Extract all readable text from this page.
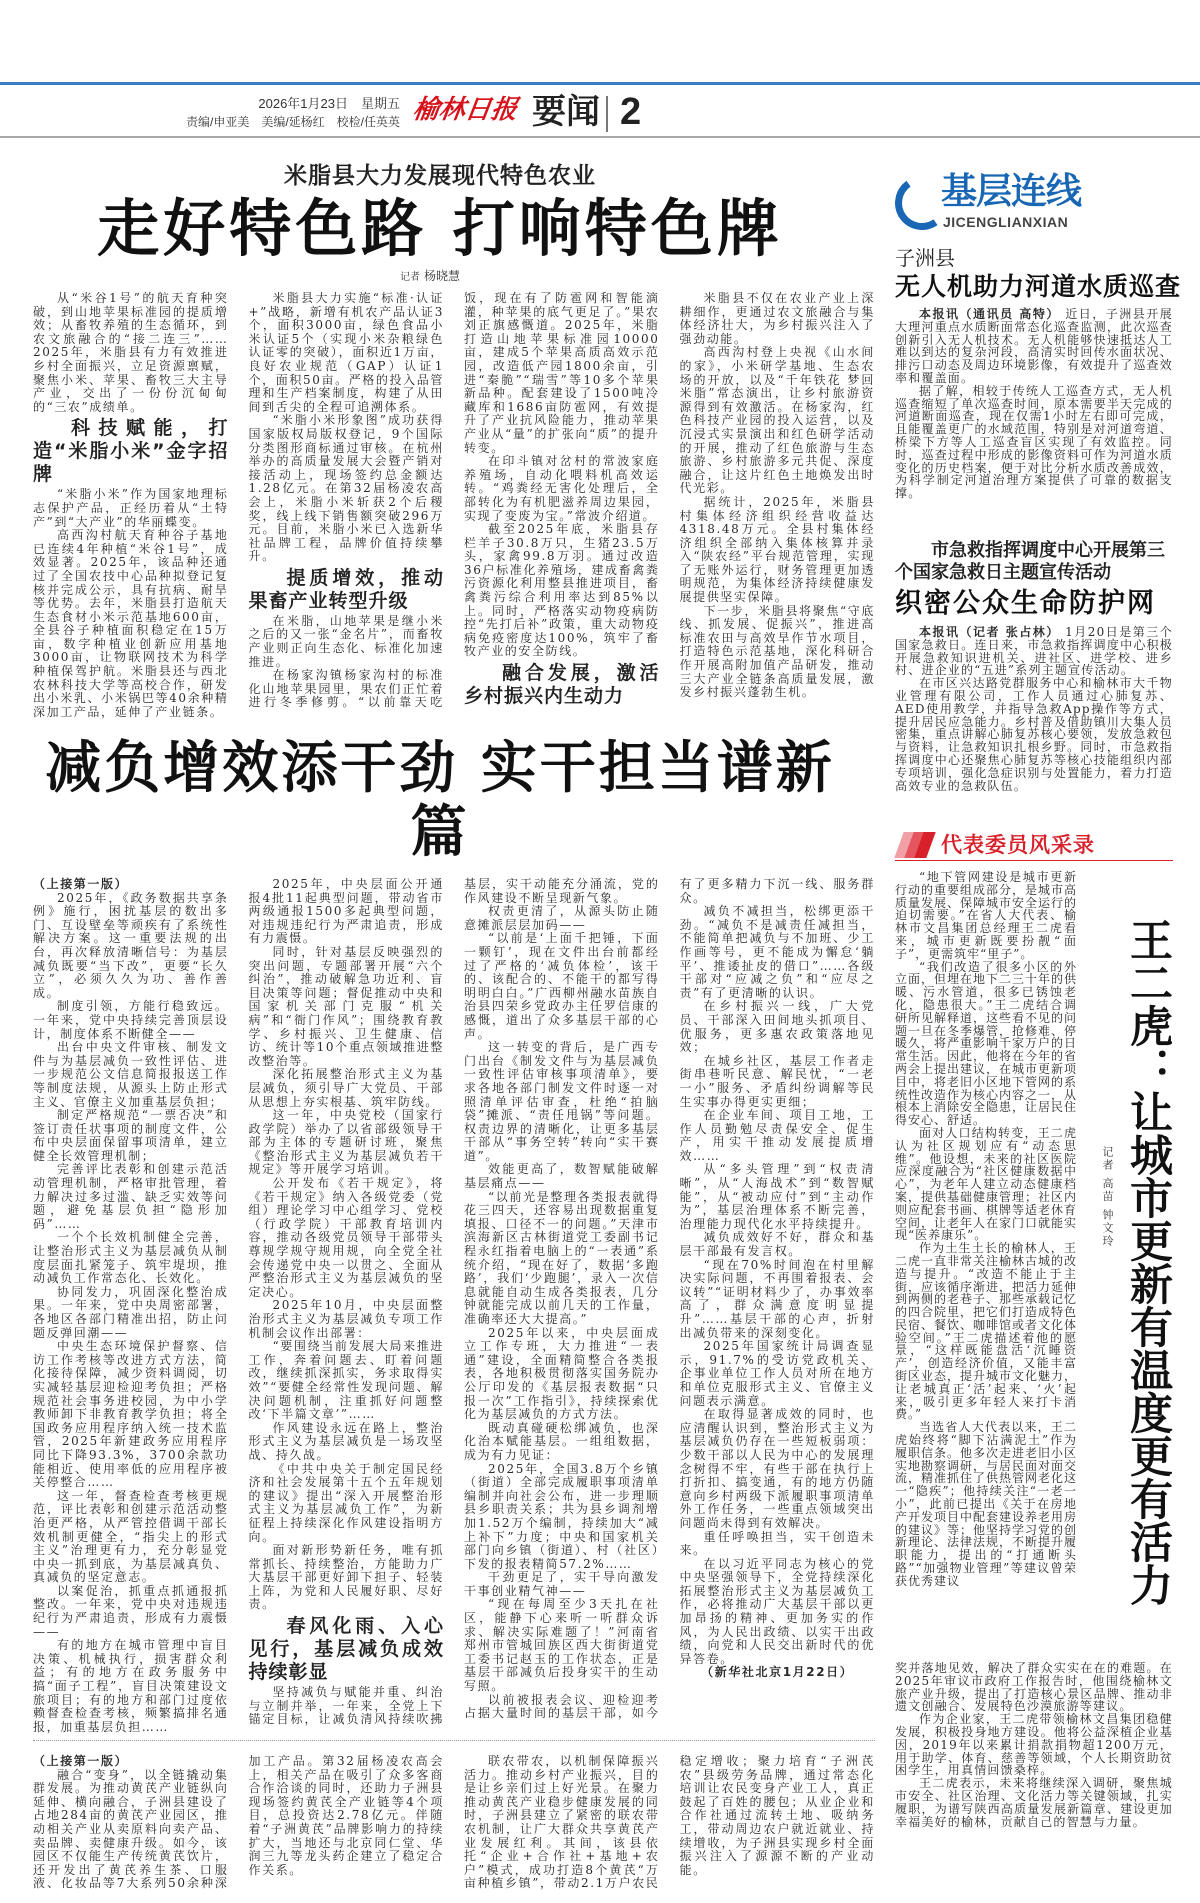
2026年1月23日　星期五
责编/申亚美　美编/延杨红　校检/任英英 榆林日报 要闻 2
米脂县大力发展现代特色农业
走好特色路 打响特色牌
记者 杨晓慧

从“米谷1号”的航天育种突破，到山地苹果标准园的提质增效；从畜牧养殖的生态循环，到农文旅融合的“接二连三”……2025年，米脂县有力有效推进乡村全面振兴，立足资源禀赋，聚焦小米、苹果、畜牧三大主导产业，交出了一份份沉甸甸的“三农”成绩单。

科技赋能，打造“米脂小米”金字招牌

“米脂小米”作为国家地理标志保护产品，正经历着从“土特产”到“大产业”的华丽蝶变。

高西沟村航天育种谷子基地已连续4年种植“米谷1号”，成效显著。2025年，该品种还通过了全国农技中心品种拟登记复核并完成公示，具有抗病、耐旱等优势。去年，米脂县打造航天生态食材小米示范基地600亩，全县谷子种植面积稳定在15万亩，数字种植业创新应用基地3000亩，让物联网技术为科学种植保驾护航。米脂县还与西北农林科技大学等高校合作，研发出小米乳、小米锅巴等40余种精深加工产品，延伸了产业链条。

米脂县大力实施“标准·认证+”战略，新增有机农产品认证3个，面积3000亩，绿色食品小米认证5个（实现小米杂粮绿色认证零的突破），面积近1万亩，良好农业规范（GAP）认证1个，面积50亩。严格的投入品管理和生产档案制度，构建了从田间到舌尖的全程可追溯体系。

“米脂小米形象图”成功获得国家版权局版权登记，9个国际分类图形商标通过审核。在杭州举办的高质量发展大会暨产销对接活动上，现场签约总金额达1.28亿元。在第32届杨凌农高会上，米脂小米斩获2个后稷奖，线上线下销售额突破296万元。目前，米脂小米已入选新华社品牌工程，品牌价值持续攀升。

提质增效，推动果畜产业转型升级

在米脂，山地苹果是继小米之后的又一张“金名片”，而畜牧产业则正向生态化、标准化加速推进。

在杨家沟镇杨家沟村的标准化山地苹果园里，果农们正忙着进行冬季修剪。“以前靠天吃饭，现在有了防雹网和智能滴灌，种苹果的底气更足了。”果农刘正旗感慨道。2025年，米脂打造山地苹果标准园10000亩，建成5个苹果高质高效示范园，改造低产园1800余亩，引进“秦脆”“瑞雪”等10多个苹果新品种。配套建设了1500吨冷藏库和1686亩防雹网，有效提升了产业抗风险能力，推动苹果产业从“量”的扩张向“质”的提升转变。

在印斗镇对岔村的常波家庭养殖场，自动化喂料机高效运转。“鸡粪经无害化处理后，全部转化为有机肥滋养周边果园，实现了变废为宝。”常波介绍道。

截至2025年底，米脂县存栏羊子30.8万只，生猪23.5万头，家禽99.8万羽。通过改造36户标准化养殖场，建成畜禽粪污资源化利用整县推进项目，畜禽粪污综合利用率达到85%以上。同时，严格落实动物疫病防控“先打后补”政策，重大动物疫病免疫密度达100%，筑牢了畜牧产业的安全防线。

融合发展，激活乡村振兴内生动力

米脂县不仅在农业产业上深耕细作，更通过农文旅融合与集体经济壮大，为乡村振兴注入了强劲动能。

高西沟村登上央视《山水间的家》，小米研学基地、生态农场的开放，以及“千年铁花 梦回米脂”常态演出，让乡村旅游资源得到有效激活。在杨家沟，红色科技产业园的投入运营，以及沉浸式实景演出和红色研学活动的开展，推动了红色旅游与生态旅游、乡村旅游多元共促、深度融合，让这片红色土地焕发出时代光彩。

据统计，2025年，米脂县村集体经济组织经营收益达4318.48万元。全县村集体经济组织全部纳入集体核算并录入“陕农经”平台规范管理，实现了无账外运行，财务管理更加透明规范，为集体经济持续健康发展提供坚实保障。

下一步，米脂县将聚焦“守底线、抓发展、促振兴”，推进高标准农田与高效旱作节水项目，打造特色示范基地，深化科研合作开展高附加值产品研发，推动三大产业全链条高质量发展，激发乡村振兴蓬勃生机。

减负增效添干劲 实干担当谱新篇

（上接第一版）

2025年，《政务数据共享条例》施行，困扰基层的数出多门、互设壁垒等顽疾有了系统性解决方案。这一重要法规的出台，再次释放清晰信号：为基层减负既要“当下改”，更要“长久立”，必须久久为功、善作善成。

制度引领，方能行稳致远。一年来，党中央持续完善顶层设计，制度体系不断健全——

出台中央文件审核、制发文件与为基层减负一致性评估、进一步规范公文信息简报报送工作等制度法规，从源头上防止形式主义、官僚主义加重基层负担；

制定严格规范“一票否决”和签订责任状事项的制度文件，公布中央层面保留事项清单，建立健全长效管理机制；

完善评比表彰和创建示范活动管理机制，严格审批管理，着力解决过多过滥、缺乏实效等问题，避免基层负担“隐形加码”……

一个个长效机制健全完善，让整治形式主义为基层减负从制度层面扎紧笼子、筑牢堤坝，推动减负工作常态化、长效化。

协同发力，巩固深化整治成果。一年来，党中央周密部署，各地区各部门精准出招，防止问题反弹回潮——

中央生态环境保护督察、信访工作考核等改进方式方法，简化接待保障，减少资料调阅，切实减轻基层迎检迎考负担；严格规范社会事务进校园，为中小学教师卸下非教育教学负担；将全国政务应用程序纳入统一技术监管，2025年新建政务应用程序同比下降93.3%，3700余款功能相近、使用率低的应用程序被关停整合……

这一年，督查检查考核更规范，评比表彰和创建示范活动整治更严格，从严管控借调干部长效机制更健全，“指尖上的形式主义”治理更有力，充分彰显党中央一抓到底，为基层减真负、真减负的坚定意志。

以案促治，抓重点抓通报抓整改。一年来，党中央对违规违纪行为严肃追责，形成有力震慑——

有的地方在城市管理中盲目决策、机械执行，损害群众利益；有的地方在政务服务中搞“面子工程”，盲目决策建设文旅项目；有的地方和部门过度依赖督查检查考核，频繁搞排名通报，加重基层负担……

2025年，中央层面公开通报4批11起典型问题，带动省市两级通报1500多起典型问题，对违规违纪行为严肃追责，形成有力震慑。

同时，针对基层反映强烈的突出问题，专题部署开展“六个纠治”，推动破解急功近利、盲目决策等问题；督促推动中央和国家机关部门克服“机关病”和“衙门作风”；围绕教育教学、乡村振兴、卫生健康、信访、统计等10个重点领域推进整改整治等。

深化拓展整治形式主义为基层减负，须引导广大党员、干部从思想上夯实根基、筑牢防线。

这一年，中央党校（国家行政学院）举办了以省部级领导干部为主体的专题研讨班，聚焦《整治形式主义为基层减负若干规定》等开展学习培训。

公开发布《若干规定》，将《若干规定》纳入各级党委（党组）理论学习中心组学习、党校（行政学院）干部教育培训内容，推动各级党员领导干部带头尊规学规守规用规，向全党全社会传递党中央一以贯之、全面从严整治形式主义为基层减负的坚定决心。

2025年10月，中央层面整治形式主义为基层减负专项工作机制会议作出部署：

“要围绕当前发展大局来推进工作，奔着问题去、盯着问题改，继续抓深抓实，务求取得实效”“要健全经常性发现问题、解决问题机制，注重抓好问题整改‘下半篇文章’”……

作风建设永远在路上，整治形式主义为基层减负是一场攻坚战、持久战。

《中共中央关于制定国民经济和社会发展第十五个五年规划的建议》提出“深入开展整治形式主义为基层减负工作”，为新征程上持续深化作风建设指明方向。

面对新形势新任务，唯有抓常抓长、持续整治，方能助力广大基层干部更好卸下担子、轻装上阵，为党和人民履好职、尽好责。

春风化雨、入心见行，基层减负成效持续彰显

坚持减负与赋能并重、纠治与立制并举，一年来，全党上下锚定目标，让减负清风持续吹拂基层，实干动能充分涌流，党的作风建设不断呈现新气象。

权责更清了，从源头防止随意摊派层层加码——

“以前是‘上面千把锤，下面一颗钉’，现在文件出台前都经过了严格的‘减负体检’，该干的、该配合的、不能干的都写得明明白白。”广西柳州融水苗族自治县四荣乡党政办主任罗信康的感慨，道出了众多基层干部的心声。

这一转变的背后，是广西专门出台《制发文件与为基层减负一致性评估审核事项清单》，要求各地各部门制发文件时逐一对照清单评估审查，杜绝“拍脑袋”摊派、“责任甩锅”等问题。权责边界的清晰化，让更多基层干部从“事务空转”转向“实干赛道”。

效能更高了，数智赋能破解基层痛点——

“以前光是整理各类报表就得花三四天，还容易出现数据重复填报、口径不一的问题。”天津市滨海新区古林街道党工委副书记程永红指着电脑上的“一表通”系统介绍，“现在好了，数据‘多跑路’，我们‘少跑腿’，录入一次信息就能自动生成各类报表，几分钟就能完成以前几天的工作量，准确率还大大提高。”

2025年以来，中央层面成立工作专班，大力推进“一表通”建设，全面精简整合各类报表，各地积极贯彻落实国务院办公厅印发的《基层报表数据“只报一次”工作指引》，持续探索优化为基层减负的方式方法。

既动真碰硬松绑减负，也深化治本赋能基层。一组组数据，成为有力见证：

2025年，全国3.8万个乡镇（街道）全部完成履职事项清单编制并向社会公布，进一步理顺县乡职责关系；共为县乡调剂增加1.52万个编制，持续加大“减上补下”力度；中央和国家机关部门向乡镇（街道）、村（社区）下发的报表精简57.2%……

干劲更足了，实干导向激发干事创业精气神——

“现在每周至少3天扎在社区，能静下心来听一听群众诉求、解决实际难题了！”河南省郑州市管城回族区西大街街道党工委书记赵玉的工作状态，正是基层干部减负后投身实干的生动写照。

以前被报表会议、迎检迎考占据大量时间的基层干部，如今有了更多精力下沉一线、服务群众。

减负不减担当，松绑更添干劲。“减负不是减责任减担当，不能简单把减负与不加班、少工作画等号，更不能成为懈怠‘躺平’、推诿扯皮的借口”……各级干部对“应减之负”和“应尽之责”有了更清晰的认识。

在乡村振兴一线，广大党员、干部深入田间地头抓项目、优服务，更多惠农政策落地见效；

在城乡社区，基层工作者走街串巷听民意、解民忧，“一老一小”服务、矛盾纠纷调解等民生实事办得更实更细；

在企业车间、项目工地，工作人员勤勉尽责保安全、促生产，用实干推动发展提质增效……

从“多头管理”到“权责清晰”，从“人海战术”到“数智赋能”，从“被动应付”到“主动作为”，基层治理体系不断完善，治理能力现代化水平持续提升。

减负成效好不好，群众和基层干部最有发言权。

“现在70%时间泡在村里解决实际问题，不再围着报表、会议转”“证明材料少了，办事效率高了，群众满意度明显提升”……基层干部的心声，折射出减负带来的深刻变化。

2025年国家统计局调查显示，91.7%的受访党政机关、企事业单位工作人员对所在地方和单位克服形式主义、官僚主义问题表示满意。

在取得显著成效的同时，也应清醒认识到，整治形式主义为基层减负仍存在一些短板弱项：少数干部以人民为中心的发展理念树得不牢，有些干部在执行上打折扣、搞变通，有的地方仍随意向乡村两级下派履职事项清单外工作任务，一些重点领域突出问题尚未得到有效解决。

重任呼唤担当，实干创造未来。

在以习近平同志为核心的党中央坚强领导下，全党持续深化拓展整治形式主义为基层减负工作，必将推动广大基层干部以更加昂扬的精神、更加务实的作风，为人民出政绩、以实干出政绩，向党和人民交出新时代的优异答卷。

（新华社北京1月22日）

（上接第一版）

融合“变身”，以全链撬动集群发展。为推动黄芪产业链纵向延伸、横向融合，子洲县建设了占地284亩的黄芪产业园区，推动相关产业从卖原料向卖产品、卖品牌、卖健康升级。如今，该园区不仅能生产传统黄芪饮片，还开发出了黄芪养生茶、口服液、化妆品等7大系列50余种深加工产品。第32届杨凌农高会上，相关产品在吸引了众多客商合作洽谈的同时，还助力子洲县现场签约黄芪全产业链等4个项目，总投资达2.78亿元。伴随着“子洲黄芪”品牌影响力的持续扩大，当地还与北京同仁堂、华润三九等龙头药企建立了稳定合作关系。

联农带农，以机制保障振兴活力。推动乡村产业振兴，目的是让乡亲们过上好光景。在聚力推动黄芪产业稳步健康发展的同时，子洲县建立了紧密的联农带农机制，让广大群众共享黄芪产业发展红利。其间，该县依托“企业+合作社+基地+农户”模式，成功打造8个黄芪“万亩种植乡镇”，带动2.1万户农民稳定增收；聚力培育“子洲芪农”县级劳务品牌，通过常态化培训让农民变身产业工人，真正鼓起了百姓的腰包；从业企业和合作社通过流转土地、吸纳务工，带动周边农户就近就业、持续增收，为子洲县实现乡村全面振兴注入了源源不断的产业动能。

基层连线
JICENGLIANXIAN
子洲县
无人机助力河道水质巡查
本报讯（通讯员 高特） 近日，子洲县开展大理河重点水质断面常态化巡查监测，此次巡查创新引入无人机技术。无人机能够快速抵达人工难以到达的复杂河段，高清实时回传水面状况、排污口动态及周边环境影像，有效提升了巡查效率和覆盖面。

据了解，相较于传统人工巡查方式，无人机巡查缩短了单次巡查时间，原本需要半天完成的河道断面巡查，现在仅需1小时左右即可完成，且能覆盖更广的水域范围，特别是对河道弯道、桥梁下方等人工巡查盲区实现了有效监控。同时，巡查过程中形成的影像资料可作为河道水质变化的历史档案，便于对比分析水质改善成效，为科学制定河道治理方案提供了可靠的数据支撑。

市急救指挥调度中心开展第三个国家急救日主题宣传活动
织密公众生命防护网
本报讯（记者 张占林） 1月20日是第三个国家急救日。连日来，市急救指挥调度中心积极开展急救知识进机关、进社区、进学校、进乡村、进企业的“五进”系列主题宣传活动。

在市区兴达路党群服务中心和榆林市大千物业管理有限公司，工作人员通过心肺复苏、AED使用教学，并指导急救App操作等方式，提升居民应急能力。乡村普及借助镇川大集人员密集，重点讲解心肺复苏核心要领，发放急救包与资料，让急救知识扎根乡野。同时，市急救指挥调度中心还聚焦心肺复苏等核心技能组织内部专项培训，强化急症识别与处置能力，着力打造高效专业的急救队伍。

代表委员风采录

“地下管网建设是城市更新行动的重要组成部分，是城市高质量发展、保障城市安全运行的迫切需要。”在省人大代表、榆林市文昌集团总经理王二虎看来，城市更新既要扮靓“面子”，更需筑牢“里子”。

“我们改造了很多小区的外立面，但埋在地下二三十年的供暖、污水管道，很多已锈蚀老化，隐患很大。”王二虎结合调研所见解释道，这些看不见的问题一旦在冬季爆管，抢修难、停暖久，将严重影响千家万户的日常生活。因此，他将在今年的省两会上提出建议，在城市更新项目中，将老旧小区地下管网的系统性改造作为核心内容之一，从根本上消除安全隐患，让居民住得安心、舒适。

面对人口结构转变，王二虎认为社区规划应有“动态思维”。他设想，未来的社区医院应深度融合为“社区健康数据中心”，为老年人建立动态健康档案，提供基础健康管理；社区内则应配套书画、棋牌等适老休育空间，让老年人在家门口就能实现“医养康乐”。

作为土生土长的榆林人，王二虎一直非常关注榆林古城的改造与提升。“改造不能止于主街，应该循序渐进，把活力延伸到两侧的老巷子、那些承载记忆的四合院里，把它们打造成特色民宿、餐饮、咖啡馆或者文化体验空间。”王二虎描述着他的愿景，“这样既能盘活‘沉睡资产’，创造经济价值，又能丰富街区业态，提升城市文化魅力，让老城真正‘活’起来、‘火’起来，吸引更多年轻人来打卡消费。”

当选省人大代表以来，王二虎始终将“脚下沾满泥土”作为履职信条。他多次走进老旧小区实地勘察调研，与居民面对面交流，精准抓住了供热管网老化这一“隐疾”；他持续关注“一老一小”，此前已提出《关于在房地产开发项目中配套建设养老用房的建议》等；他坚持学习党的创新理论、法律法规，不断提升履职能力，提出的“打通断头路”“加强物业管理”等建议曾荣获优秀建议	王二虎：让城市更新有温度更有活力
记者 高苗 钟文玲

奖并落地见效，解决了群众实实在在的难题。在2025年审议市政府工作报告时，他围绕榆林文旅产业升级，提出了打造核心景区品牌、推动非遗文创融合、发展特色沙漠旅游等建议。

作为企业家，王二虎带领榆林文昌集团稳健发展，积极投身地方建设。他将公益深植企业基因，2019年以来累计捐款捐物超1200万元，用于助学、体育、慈善等领域，个人长期资助贫困学生，用真情回馈桑梓。

王二虎表示，未来将继续深入调研，聚焦城市安全、社区治理、文化活力等关键领域，扎实履职，为谱写陕西高质量发展新篇章、建设更加幸福美好的榆林，贡献自己的智慧与力量。
